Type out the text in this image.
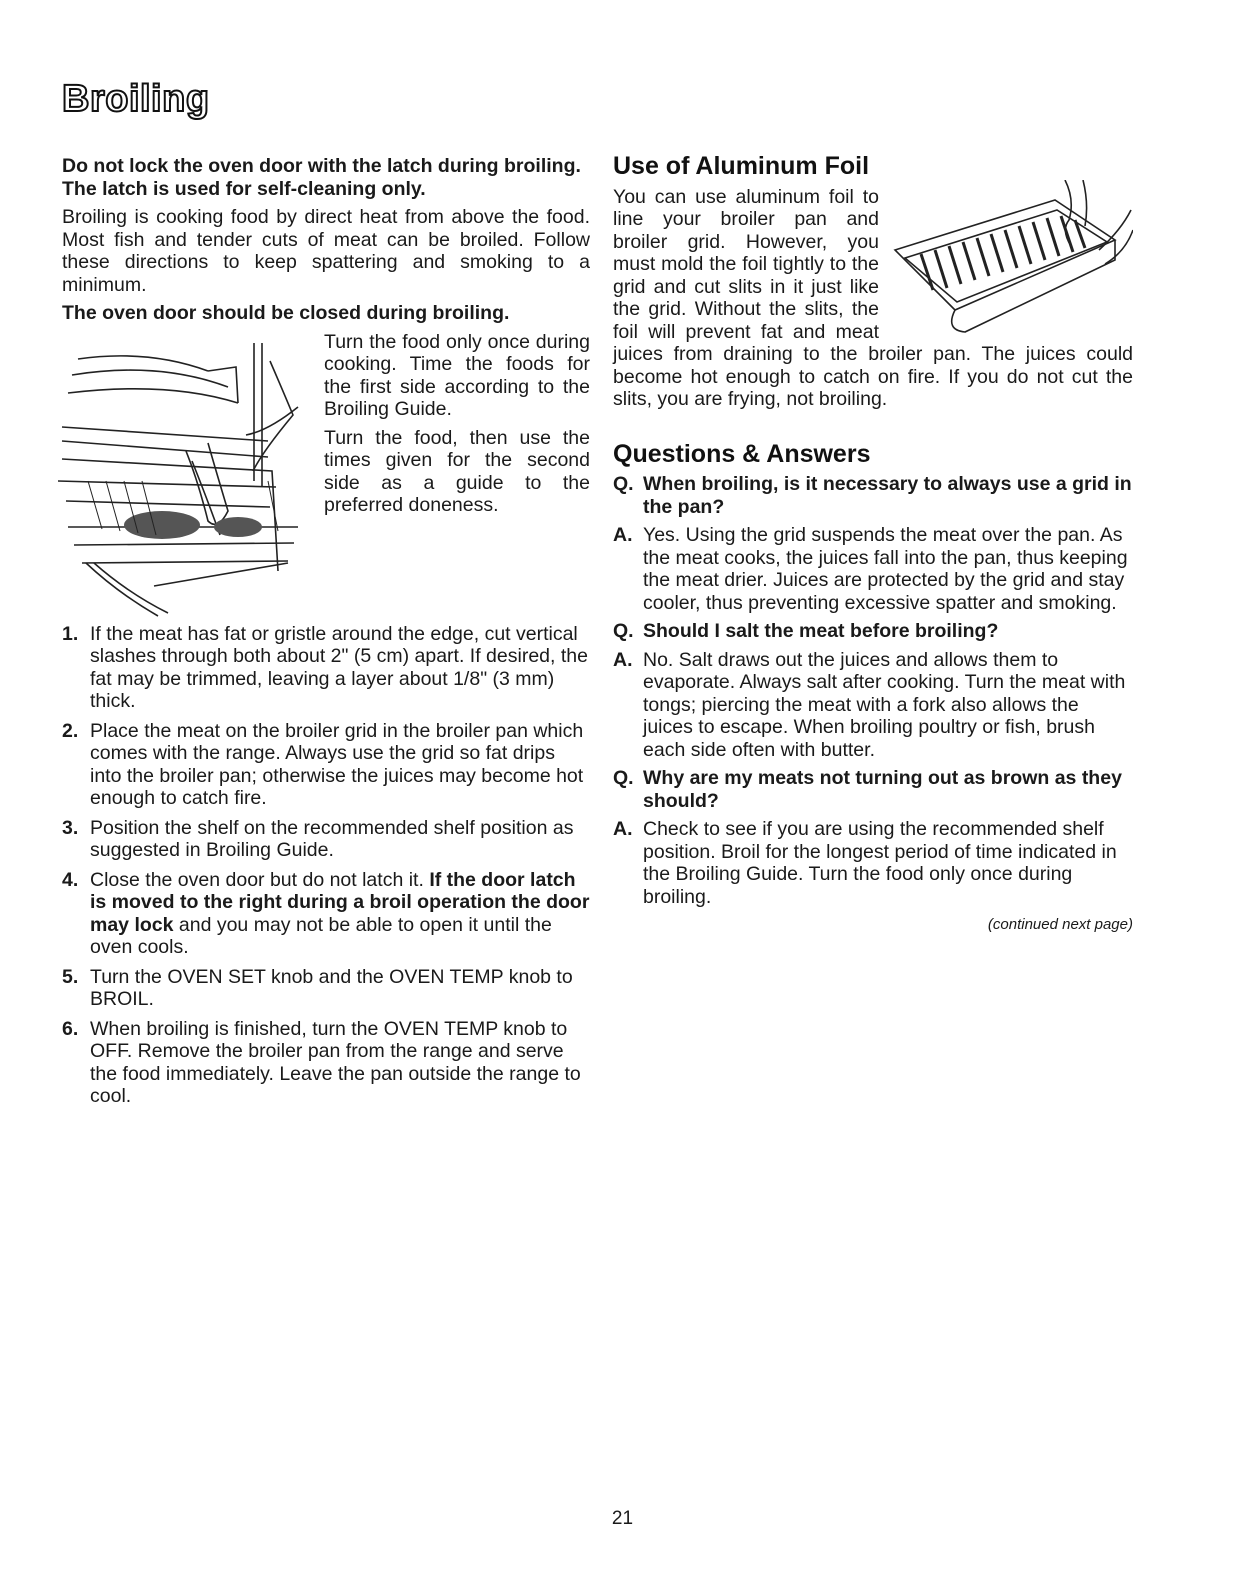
Broiling

Do not lock the oven door with the latch during broiling. The latch is used for self-cleaning only.

Broiling is cooking food by direct heat from above the food. Most fish and tender cuts of meat can be broiled. Follow these directions to keep spattering and smoking to a minimum.

The oven door should be closed during broiling.

Turn the food only once during cooking. Time the foods for the first side according to the Broiling Guide.

Turn the food, then use the times given for the second side as a guide to the preferred doneness.

1. If the meat has fat or gristle around the edge, cut vertical slashes through both about 2" (5 cm) apart. If desired, the fat may be trimmed, leaving a layer about 1/8" (3 mm) thick.
2. Place the meat on the broiler grid in the broiler pan which comes with the range. Always use the grid so fat drips into the broiler pan; otherwise the juices may become hot enough to catch fire.
3. Position the shelf on the recommended shelf position as suggested in Broiling Guide.
4. Close the oven door but do not latch it. If the door latch is moved to the right during a broil operation the door may lock and you may not be able to open it until the oven cools.
5. Turn the OVEN SET knob and the OVEN TEMP knob to BROIL.
6. When broiling is finished, turn the OVEN TEMP knob to OFF. Remove the broiler pan from the range and serve the food immediately. Leave the pan outside the range to cool.
Use of Aluminum Foil

You can use aluminum foil to line your broiler pan and broiler grid. However, you must mold the foil tightly to the grid and cut slits in it just like the grid. Without the slits, the foil will prevent fat and meat juices from draining to the broiler pan. The juices could become hot enough to catch on fire. If you do not cut the slits, you are frying, not broiling.

Questions & Answers
Q. When broiling, is it necessary to always use a grid in the pan?
A. Yes. Using the grid suspends the meat over the pan. As the meat cooks, the juices fall into the pan, thus keeping the meat drier. Juices are protected by the grid and stay cooler, thus preventing excessive spatter and smoking.
Q. Should I salt the meat before broiling?
A. No. Salt draws out the juices and allows them to evaporate. Always salt after cooking. Turn the meat with tongs; piercing the meat with a fork also allows the juices to escape. When broiling poultry or fish, brush each side often with butter.
Q. Why are my meats not turning out as brown as they should?
A. Check to see if you are using the recommended shelf position. Broil for the longest period of time indicated in the Broiling Guide. Turn the food only once during broiling.
(continued next page)
21
